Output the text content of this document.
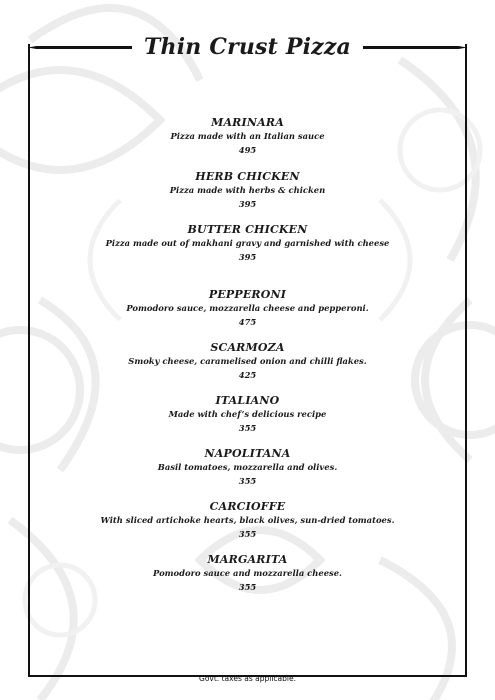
Thin Crust Pizza
MARINARA
Pizza made with an Italian sauce
495
HERB CHICKEN
Pizza made with herbs & chicken
395
BUTTER CHICKEN
Pizza made out of makhani gravy and garnished with cheese
395
PEPPERONI
Pomodoro sauce, mozzarella cheese and pepperoni.
475
SCARMOZA
Smoky cheese, caramelised onion and chilli flakes.
425
ITALIANO
Made with chef’s delicious recipe
355
NAPOLITANA
Basil tomatoes, mozzarella and olives.
355
CARCIOFFE
With sliced artichoke hearts, black olives, sun-dried tomatoes.
355
MARGARITA
Pomodoro sauce and mozzarella cheese.
355
Govt. taxes as applicable.
